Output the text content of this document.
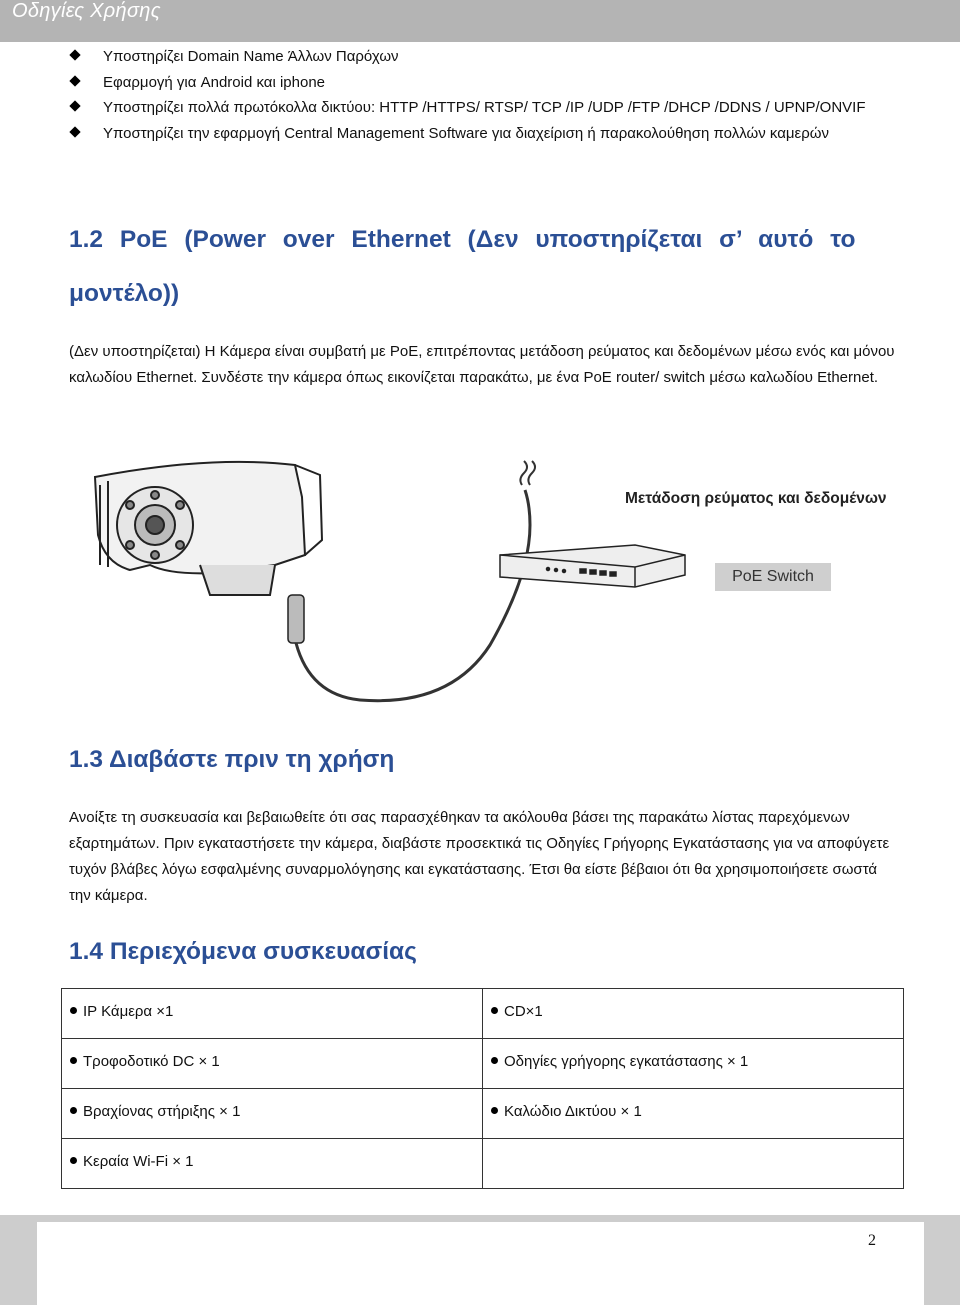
Οδηγίες Χρήσης
Υποστηρίζει Domain Name Άλλων Παρόχων
Εφαρμογή για Android και iphone
Υποστηρίζει πολλά πρωτόκολλα δικτύου: HTTP /HTTPS/ RTSP/ TCP /IP /UDP /FTP /DHCP /DDNS / UPNP/ONVIF
Υποστηρίζει την εφαρμογή Central Management Software για διαχείριση ή παρακολούθηση πολλών καμερών
1.2 PoE (Power over Ethernet (Δεν υποστηρίζεται σ’ αυτό το
μοντέλο))
(Δεν υποστηρίζεται) Η Κάμερα είναι συμβατή με PoE, επιτρέποντας μετάδοση ρεύματος και δεδομένων μέσω ενός και μόνου καλωδίου Ethernet. Συνδέστε την κάμερα όπως εικονίζεται παρακάτω, με ένα PoE router/ switch μέσω καλωδίου Ethernet.
Μετάδοση ρεύματος και δεδομένων
PoE Switch
1.3 Διαβάστε πριν τη χρήση
Ανοίξτε τη συσκευασία και βεβαιωθείτε ότι σας παρασχέθηκαν τα ακόλουθα βάσει της παρακάτω λίστας παρεχόμενων εξαρτημάτων. Πριν εγκαταστήσετε την κάμερα, διαβάστε προσεκτικά τις Οδηγίες Γρήγορης Εγκατάστασης για να αποφύγετε τυχόν βλάβες λόγω εσφαλμένης συναρμολόγησης και εγκατάστασης. Έτσι θα είστε βέβαιοι ότι θα χρησιμοποιήσετε σωστά την κάμερα.
1.4 Περιεχόμενα συσκευασίας
IP Κάμερα ×1	CD×1
Τροφοδοτικό DC × 1	Οδηγίες γρήγορης εγκατάστασης × 1
Βραχίονας στήριξης × 1	Καλώδιο Δικτύου × 1
Κεραία Wi-Fi × 1	
2
